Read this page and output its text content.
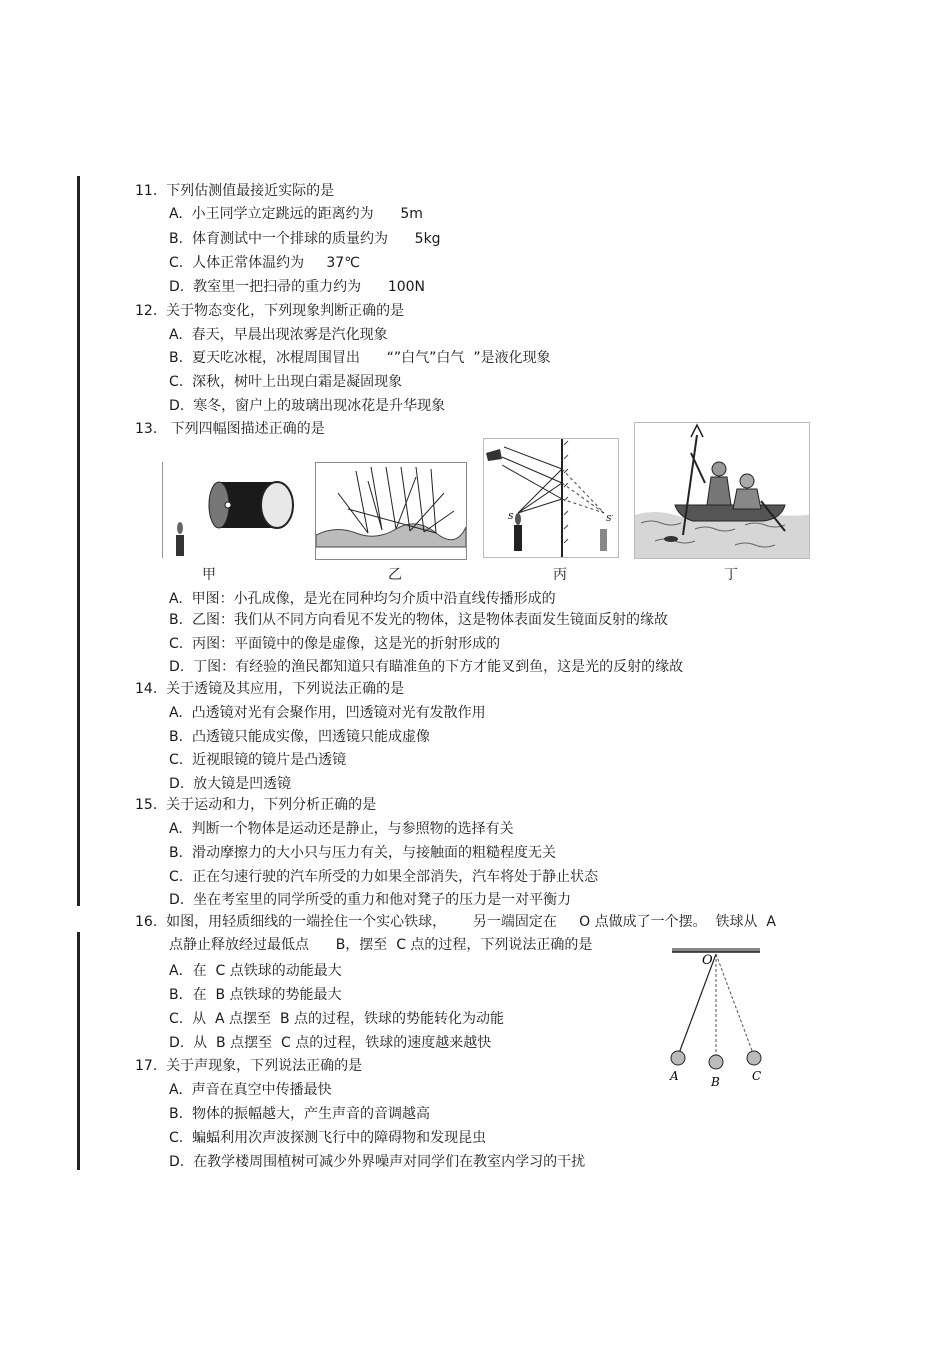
11.  下列估测值最接近实际的是
A.  小王同学立定跳远的距离约为      5m
B.  体育测试中一个排球的质量约为      5kg
C.  人体正常体温约为     37℃
D.  教室里一把扫帚的重力约为      100N
12.  关于物态变化，下列现象判断正确的是
A.  春天，早晨出现浓雾是汽化现象
B.  夏天吃冰棍，冰棍周围冒出      “”白气”白气  ”是液化现象
C.  深秋，树叶上出现白霜是凝固现象
D.  寒冬，窗户上的玻璃出现冰花是升华现象
13.   下列四幅图描述正确的是
甲	乙
S	S′
丙	丁
A.  甲图：小孔成像，是光在同种均匀介质中沿直线传播形成的
B.  乙图：我们从不同方向看见不发光的物体，这是物体表面发生镜面反射的缘故
C.  丙图：平面镜中的像是虚像，这是光的折射形成的
D.  丁图：有经验的渔民都知道只有瞄准鱼的下方才能叉到鱼，这是光的反射的缘故
14.  关于透镜及其应用，下列说法正确的是
A.  凸透镜对光有会聚作用，凹透镜对光有发散作用
B.  凸透镜只能成实像，凹透镜只能成虚像
C.  近视眼镜的镜片是凸透镜
D.  放大镜是凹透镜
15.  关于运动和力，下列分析正确的是
A.  判断一个物体是运动还是静止，与参照物的选择有关
B.  滑动摩擦力的大小只与压力有关，与接触面的粗糙程度无关
C.  正在匀速行驶的汽车所受的力如果全部消失，汽车将处于静止状态
D.  坐在考室里的同学所受的重力和他对凳子的压力是一对平衡力
16.  如图，用轻质细线的一端拴住一个实心铁球，      另一端固定在     O 点做成了一个摆。  铁球从  A
点静止释放经过最低点      B，摆至  C 点的过程，下列说法正确的是
O
A	B	C
A．在  C 点铁球的动能最大
B．在  B 点铁球的势能最大
C.  从  A 点摆至  B 点的过程，铁球的势能转化为动能
D.  从  B 点摆至  C 点的过程，铁球的速度越来越快
17.  关于声现象，下列说法正确的是
A.  声音在真空中传播最快
B.  物体的振幅越大，产生声音的音调越高
C.  蝙蝠利用次声波探测飞行中的障碍物和发现昆虫
D.  在教学楼周围植树可减少外界噪声对同学们在教室内学习的干扰
